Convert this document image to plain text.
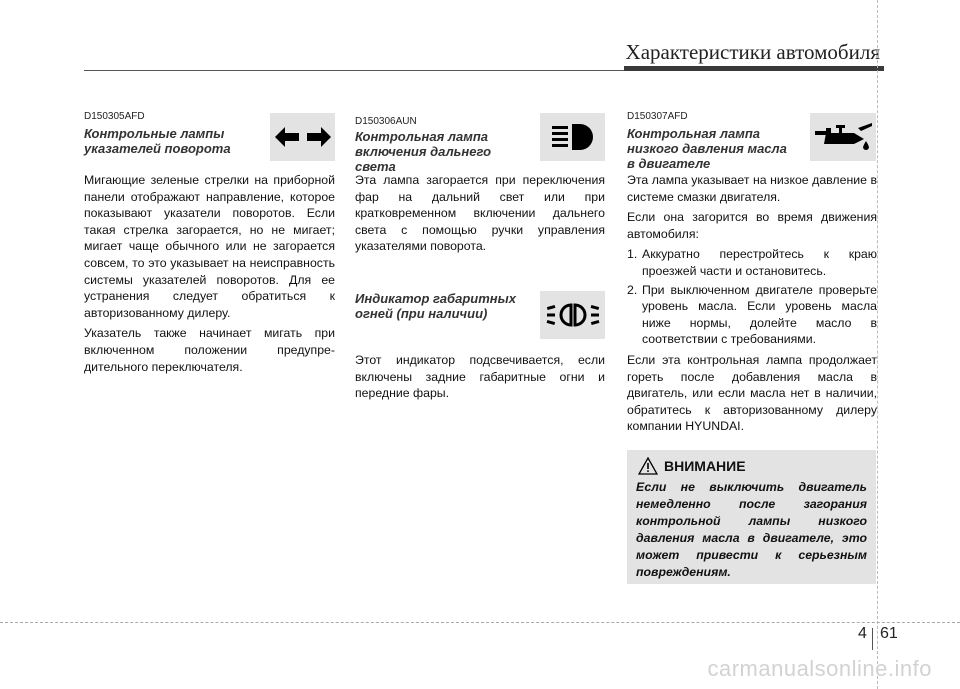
Характеристики автомобиля
D150305AFD
Контрольные лампы
указателей поворота

Мигающие зеленые стрелки на приборной панели отображают направление, которое показывают указатели поворотов. Если такая стрелка загорается, но не мигает; мигает чаще обычного или не загорается совсем, то это указывает на неисправность системы указателей поворотов. Для ее устранения следует обратиться к авторизованному дилеру.

Указатель также начинает мигать при включенном положении предупре-дительного переключателя.

D150306AUN
Контрольная лампа
включения дальнего
света

Эта лампа загорается при переключения фар на дальний свет или при кратковременном включении дальнего света с помощью ручки управления указателями поворота.

Индикатор габаритных
огней (при наличии)

Этот индикатор подсвечивается, если включены задние габаритные огни и передние фары.

D150307AFD
Контрольная лампа
низкого давления масла
в двигателе

Эта лампа указывает на низкое давление в системе смазки двигателя.

Если она загорится во время движения автомобиля:

1. Аккуратно перестройтесь к краю проезжей части и остановитесь.
2. При выключенном двигателе проверьте уровень масла. Если уровень масла ниже нормы, долейте масло в соответствии с требованиями.

Если эта контрольная лампа продолжает гореть после добавления масла в двигатель, или если масла нет в наличии, обратитесь к авторизованному дилеру компании HYUNDAI.

ВНИМАНИЕ
Если не выключить двигатель немедленно после загорания контрольной лампы низкого давления масла в двигателе, это может привести к серьезным повреждениям.
4 61
carmanualsonline.info
